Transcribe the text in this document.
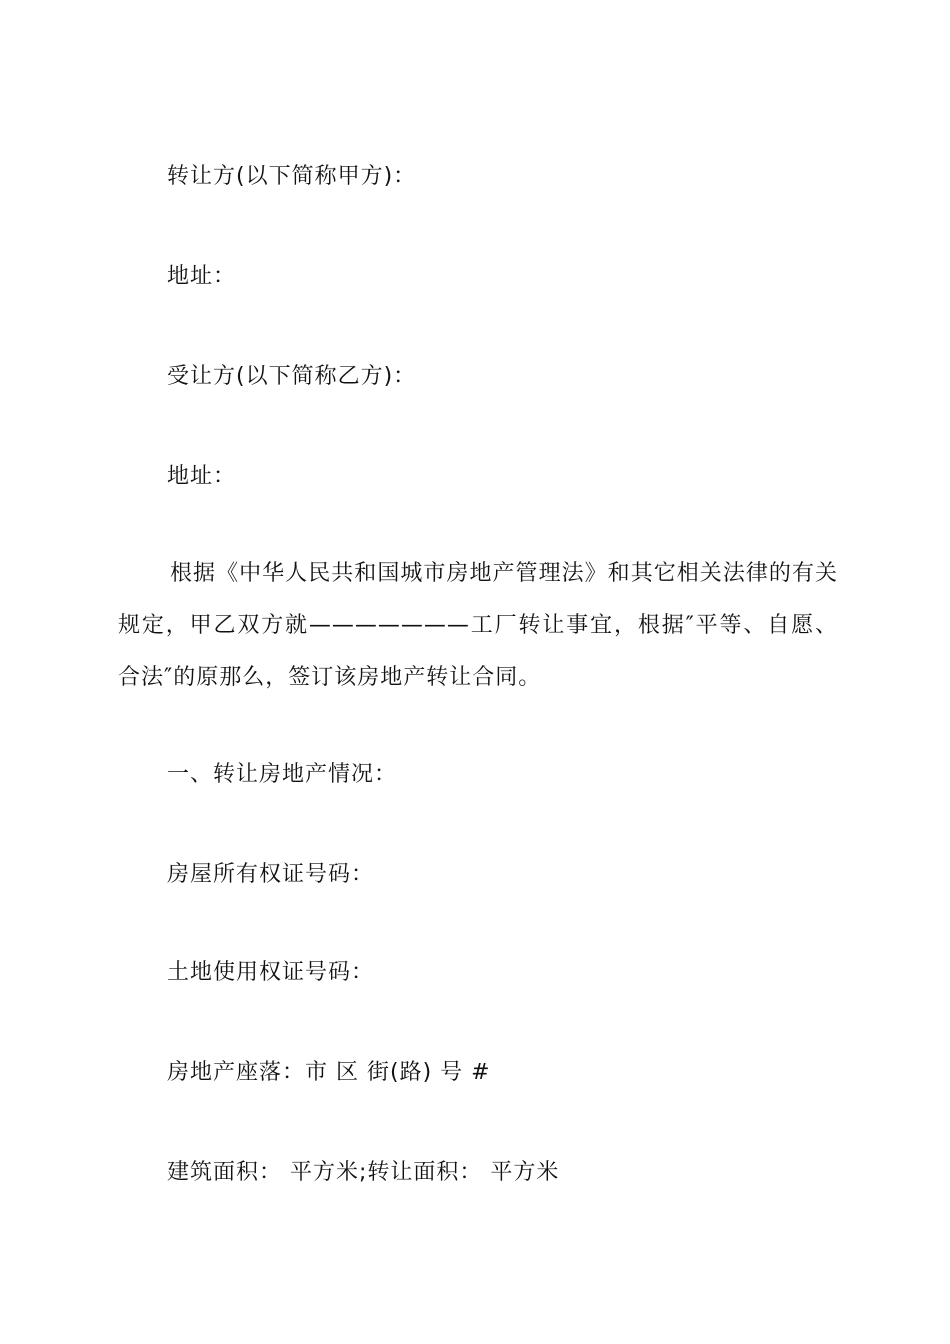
转让方(以下简称甲方)：
地址：
受让方(以下简称乙方)：
地址：
根据《中华人民共和国城市房地产管理法》和其它相关法律的有关规定，甲乙双方就———————工厂转让事宜，根据″平等、自愿、合法″的原那么，签订该房地产转让合同。
一、转让房地产情况：
房屋所有权证号码：
土地使用权证号码：
房地产座落：市 区 街(路) 号 #
建筑面积： 平方米;转让面积： 平方米
